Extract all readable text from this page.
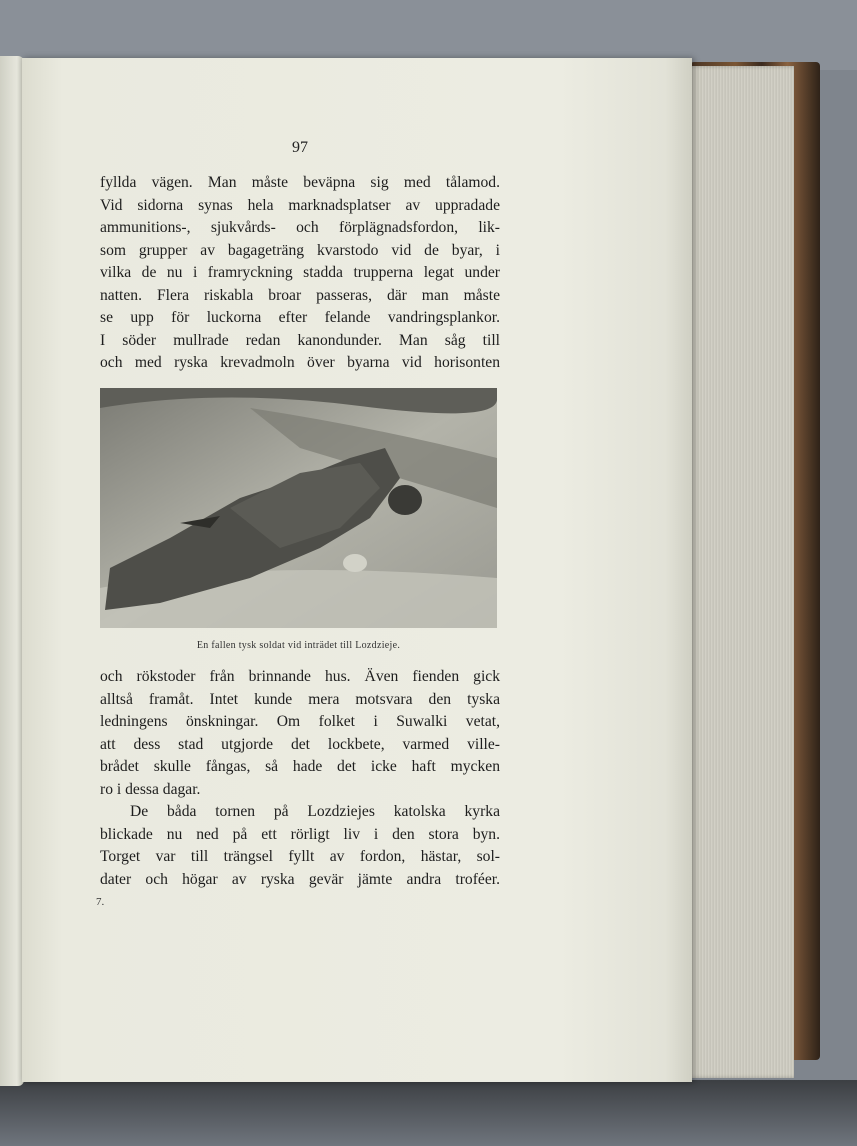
97
fyllda vägen. Man måste beväpna sig med tålamod.
Vid sidorna synas hela marknadsplatser av uppradade
ammunitions-, sjukvårds- och förplägnadsfordon, lik-
som grupper av bagageträng kvarstodo vid de byar, i
vilka de nu i framryckning stadda trupperna legat under
natten. Flera riskabla broar passeras, där man måste
se upp för luckorna efter felande vandringsplankor.
I söder mullrade redan kanondunder. Man såg till
och med ryska krevadmoln över byarna vid horisonten
En fallen tysk soldat vid inträdet till Lozdzieje.
och rökstoder från brinnande hus. Även fienden gick
alltså framåt. Intet kunde mera motsvara den tyska
ledningens önskningar. Om folket i Suwalki vetat,
att dess stad utgjorde det lockbete, varmed ville-
brådet skulle fångas, så hade det icke haft mycken
ro i dessa dagar.
De båda tornen på Lozdziejes katolska kyrka
blickade nu ned på ett rörligt liv i den stora byn.
Torget var till trängsel fyllt av fordon, hästar, sol-
dater och högar av ryska gevär jämte andra troféer.
7.
